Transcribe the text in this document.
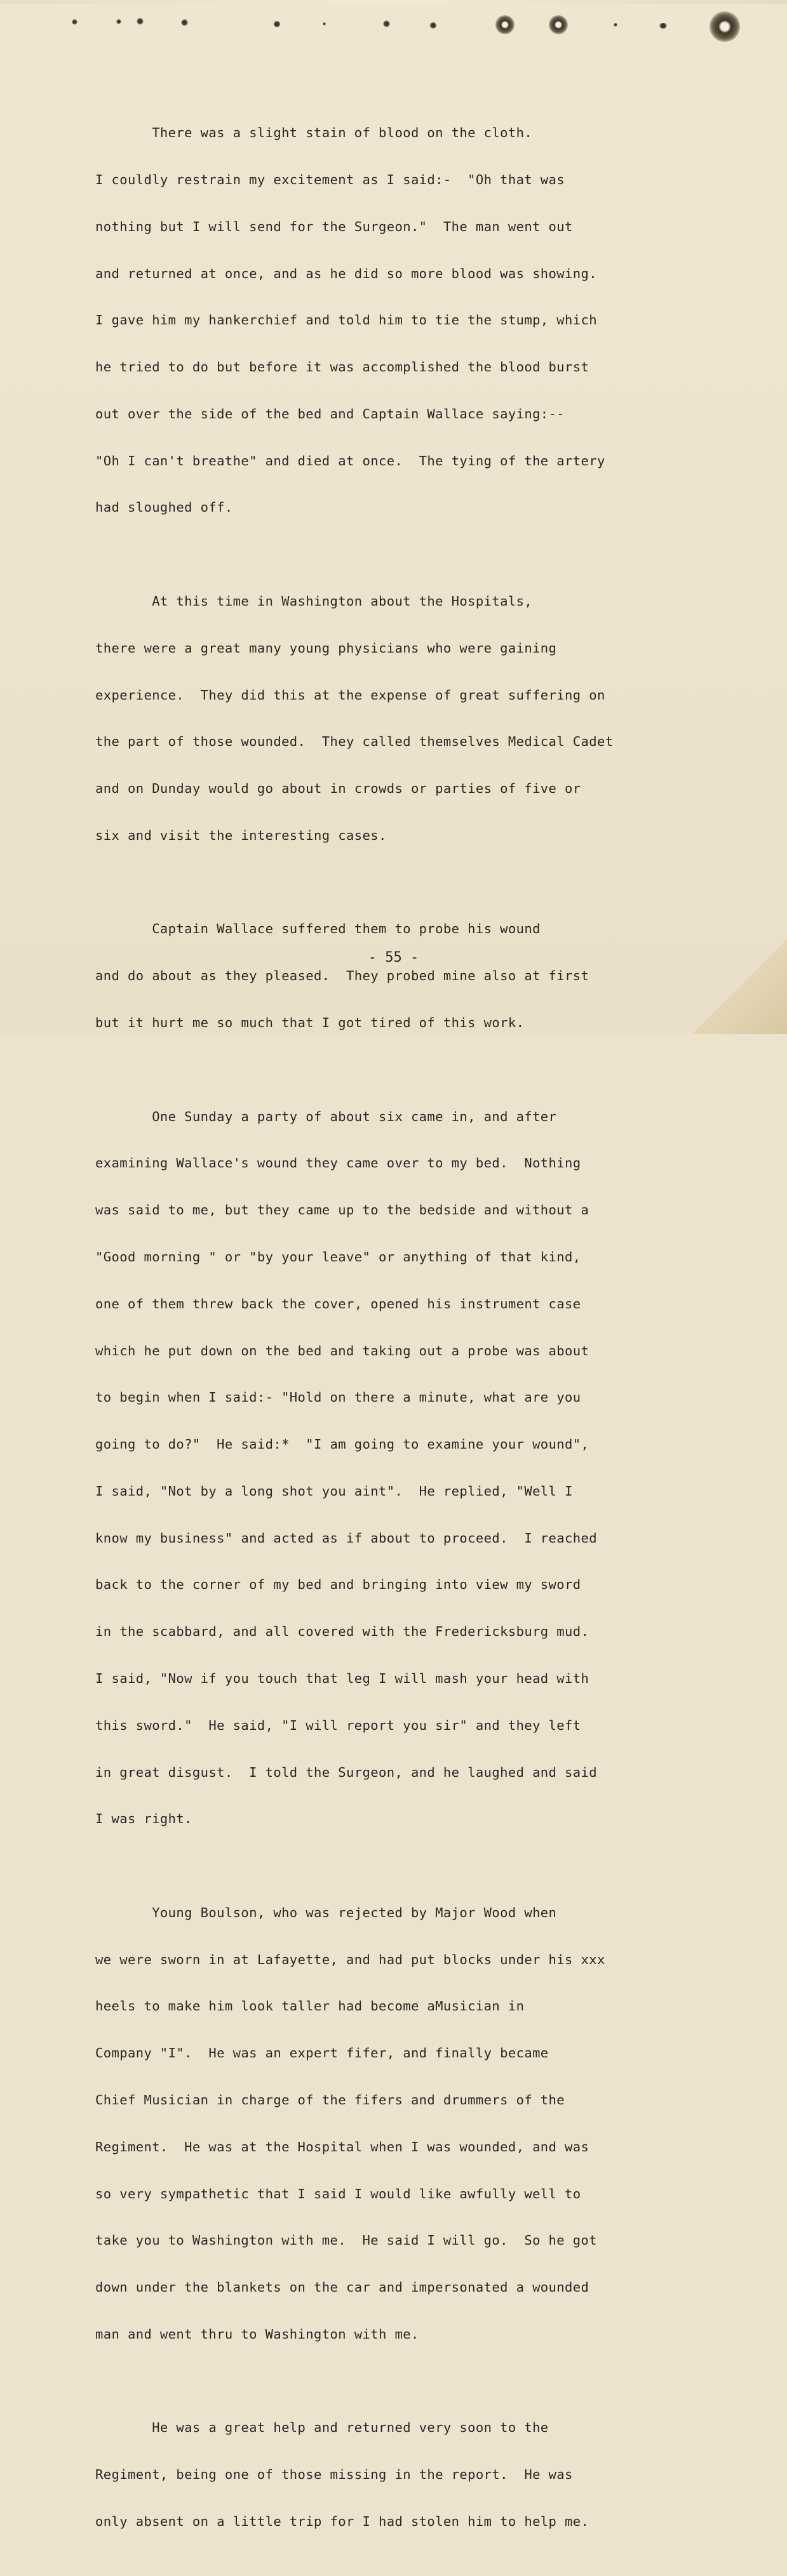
There was a slight stain of blood on the cloth.

I couldly restrain my excitement as I said:-  "Oh that was

nothing but I will send for the Surgeon."  The man went out

and returned at once, and as he did so more blood was showing.

I gave him my hankerchief and told him to tie the stump, which

he tried to do but before it was accomplished the blood burst

out over the side of the bed and Captain Wallace saying:--

"Oh I can't breathe" and died at once.  The tying of the artery

had sloughed off.

At this time in Washington about the Hospitals,

there were a great many young physicians who were gaining

experience.  They did this at the expense of great suffering on

the part of those wounded.  They called themselves Medical Cadet

and on Dunday would go about in crowds or parties of five or

six and visit the interesting cases.

Captain Wallace suffered them to probe his wound

and do about as they pleased.  They probed mine also at first

but it hurt me so much that I got tired of this work.

One Sunday a party of about six came in, and after

examining Wallace's wound they came over to my bed.  Nothing

was said to me, but they came up to the bedside and without a

"Good morning " or "by your leave" or anything of that kind,

one of them threw back the cover, opened his instrument case

which he put down on the bed and taking out a probe was about

to begin when I said:- "Hold on there a minute, what are you

going to do?"  He said:*  "I am going to examine your wound",

I said, "Not by a long shot you aint".  He replied, "Well I

know my business" and acted as if about to proceed.  I reached

back to the corner of my bed and bringing into view my sword

in the scabbard, and all covered with the Fredericksburg mud.

I said, "Now if you touch that leg I will mash your head with

this sword."  He said, "I will report you sir" and they left

in great disgust.  I told the Surgeon, and he laughed and said

I was right.

Young Boulson, who was rejected by Major Wood when

we were sworn in at Lafayette, and had put blocks under his xxx

heels to make him look taller had become aMusician in

Company "I".  He was an expert fifer, and finally became

Chief Musician in charge of the fifers and drummers of the

Regiment.  He was at the Hospital when I was wounded, and was

so very sympathetic that I said I would like awfully well to

take you to Washington with me.  He said I will go.  So he got

down under the blankets on the car and impersonated a wounded

man and went thru to Washington with me.

He was a great help and returned very soon to the

Regiment, being one of those missing in the report.  He was

only absent on a little trip for I had stolen him to help me.

- 55 -
